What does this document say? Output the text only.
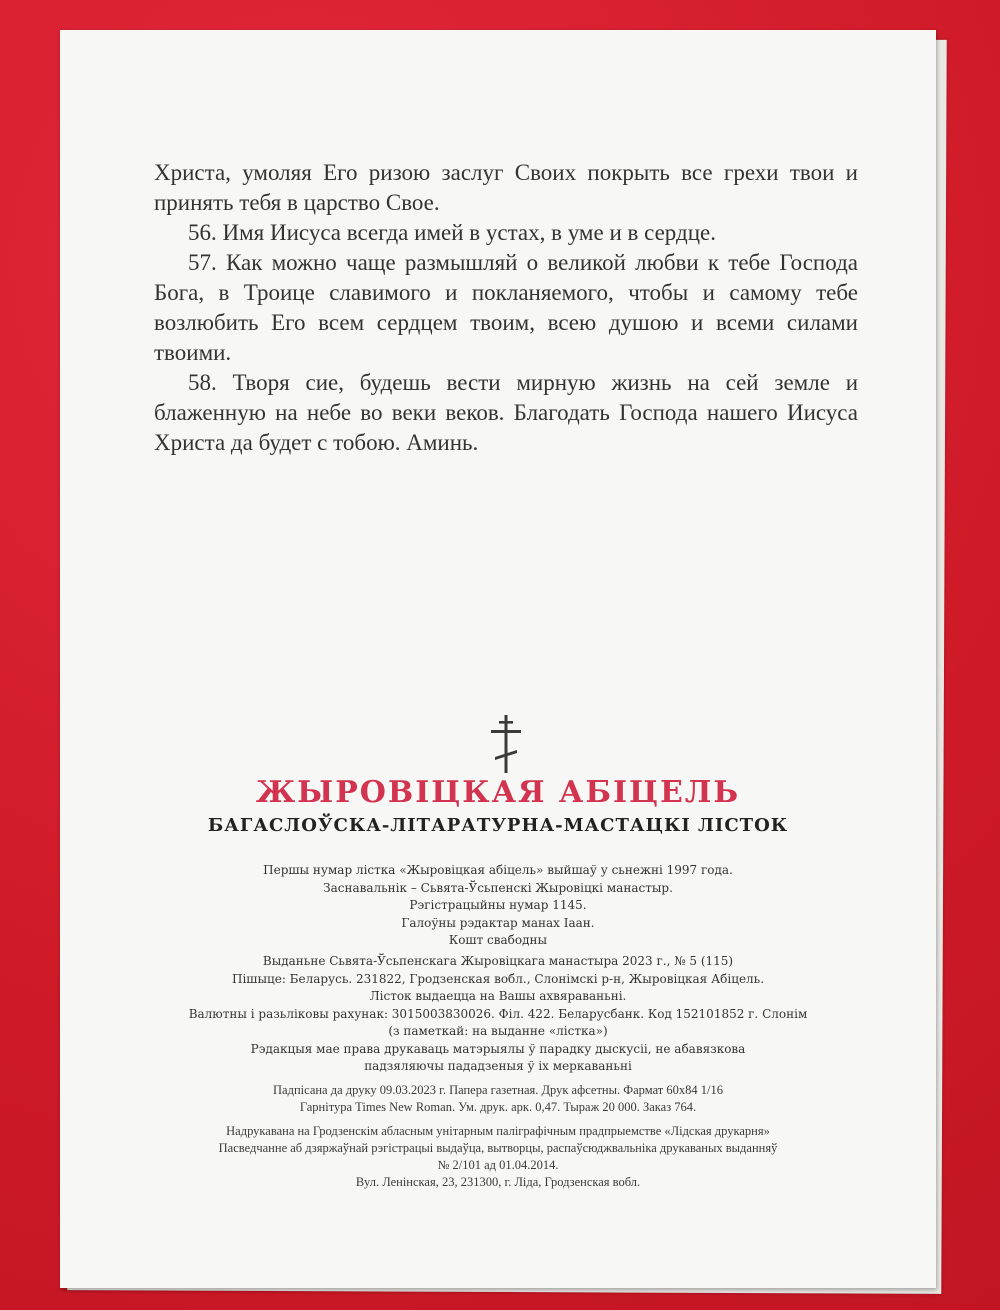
Христа, умоляя Его ризою заслуг Своих покрыть все грехи твои и принять тебя в царство Свое.

56. Имя Иисуса всегда имей в устах, в уме и в сердце.

57. Как можно чаще размышляй о великой любви к тебе Господа Бога, в Троице славимого и покланяемого, чтобы и самому тебе возлюбить Его всем сердцем твоим, всею душою и всеми силами твоими.

58. Творя сие, будешь вести мирную жизнь на сей земле и блаженную на небе во веки веков. Благодать Господа нашего Иисуса Христа да будет с тобою. Аминь.

ЖЫРОВІЦКАЯ АБІЦЕЛЬ
БАГАСЛОЎСКА-ЛІТАРАТУРНА-МАСТАЦКІ ЛІСТОК
Першы нумар лістка «Жыровіцкая абіцель» выйшаў у сьнежні 1997 года.
Заснавальнік – Сьвята-Ўсьпенскі Жыровіцкі манастыр.
Рэгістрацыйны нумар 1145.
Галоўны рэдактар манах Іаан.
Кошт свабодны
Выданьне Сьвята-Ўсьпенскага Жыровіцкага манастыра 2023 г., № 5 (115)
Пішыце: Беларусь. 231822, Гродзенская вобл., Слонімскі р-н, Жыровіцкая Абіцель.
Лісток выдаецца на Вашы ахвяраваньні.
Валютны і разьліковы рахунак: 3015003830026. Філ. 422. Беларусбанк. Код 152101852 г. Слонім
(з паметкай: на выданне «лістка»)
Рэдакцыя мае права друкаваць матэрыялы ў парадку дыскусіі, не абавязкова
падзяляючы пададзеныя ў іх меркаваньні
Падпісана да друку 09.03.2023 г. Папера газетная. Друк афсетны. Фармат 60х84 1/16
Гарнітура Times New Roman. Ум. друк. арк. 0,47. Тыраж 20 000. Заказ 764.
Надрукавана на Гродзенскім абласным унітарным паліграфічным прадпрыемстве «Лідская друкарня»
Пасведчанне аб дзяржаўнай рэгістрацыі выдаўца, вытворцы, распаўсюджвальніка друкаваных выданняў
№ 2/101 ад 01.04.2014.
Вул. Ленінская, 23, 231300, г. Ліда, Гродзенская вобл.
